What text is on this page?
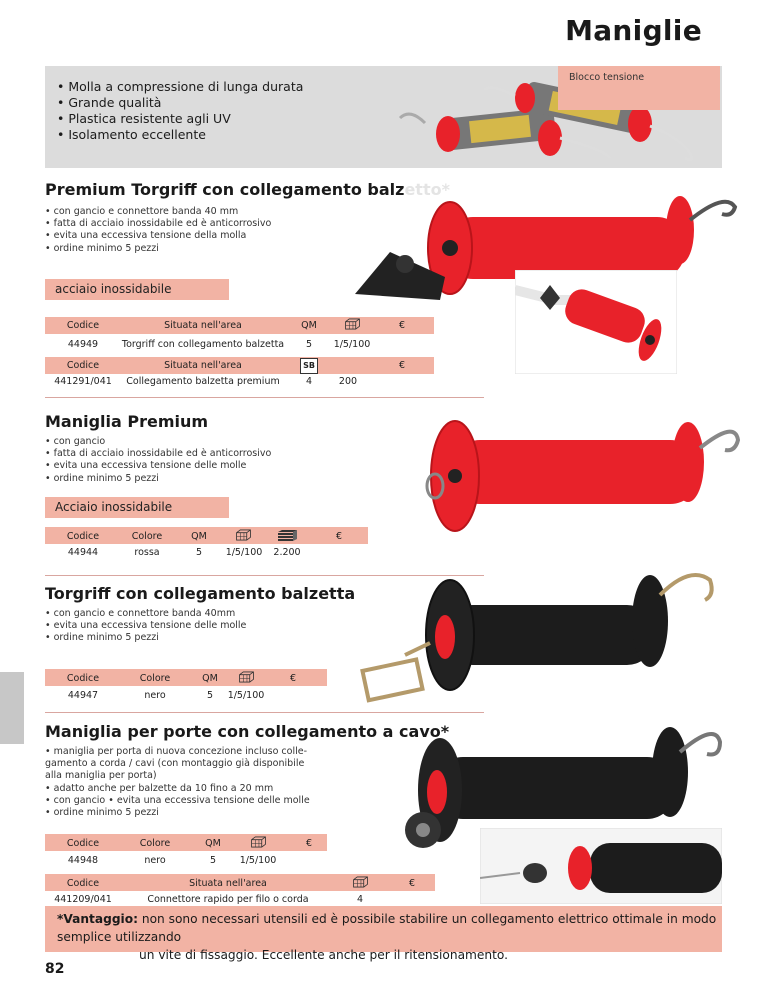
Maniglie
• Molla a compressione di lunga durata
• Grande qualità
• Plastica resistente agli UV
• Isolamento eccellente
Blocco tensione
Premium Torgriff con collegamento balzetto*
• con gancio e connettore banda 40 mm
• fatta di acciaio inossidabile ed è anticorrosivo
• evita una eccessiva tensione della molla
• ordine minimo 5 pezzi
acciaio inossidabile
Codice	Situata nell'area	QM	€
44949	Torgriff con collegamento balzetta 5 1/5/100
Codice	Situata nell'area	SB	€
441291/041 Collegamento balzetta premium	4	200
Maniglia Premium
• con gancio
• fatta di acciaio inossidabile ed è anticorrosivo
• evita una eccessiva tensione delle molle
• ordine minimo 5 pezzi
Acciaio inossidabile
Codice	Colore	QM	€
44944	rossa	5 1/5/100 2.200
Torgriff con collegamento balzetta
• con gancio e connettore banda 40mm
• evita una eccessiva tensione delle molle
• ordine minimo 5 pezzi
Codice	Colore	QM	€
44947	nero	5 1/5/100
Maniglia per porte con collegamento a cavo*
• maniglia per porta di nuova concezione incluso colle-
gamento a corda / cavi (con montaggio già disponibile
alla maniglia per porta)
• adatto anche per balzette da 10 fino a 20 mm
• con gancio • evita una eccessiva tensione delle molle
• ordine minimo 5 pezzi
Codice	Colore	QM	€
44948	nero	5 1/5/100
Codice	Situata nell'area	€
441209/041	Connettore rapido per filo o corda	4

*Vantaggio: non sono necessari utensili ed è possibile stabilire un collegamento elettrico ottimale in modo semplice utilizzando
un vite di fissaggio. Eccellente anche per il ritensionamento.

82
